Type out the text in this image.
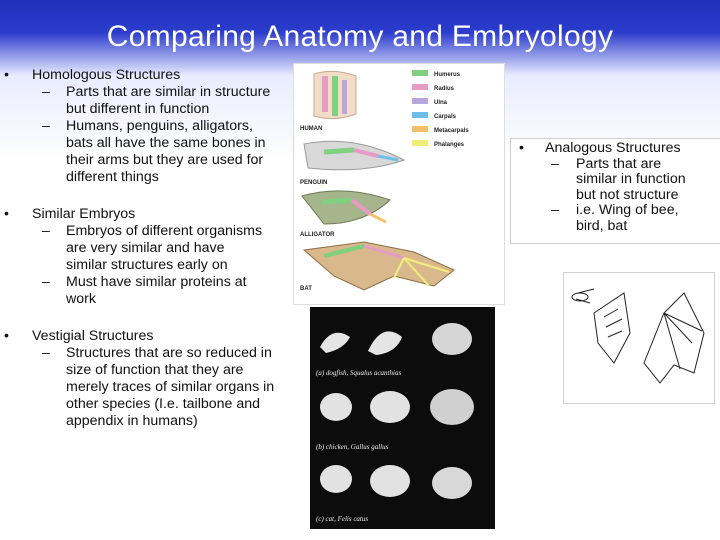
Comparing Anatomy and Embryology
• Homologous Structures
– Parts that are similar in structure but different in function
– Humans, penguins, alligators, bats all have the same bones in their arms but they are used for different things
• Similar Embryos
– Embryos of different organisms are very similar and have similar structures early on
– Must have similar proteins at work
• Vestigial Structures
– Structures that are so reduced in size of function that they are merely traces of similar organs in other species (I.e. tailbone and appendix in humans)
Humerus
Radius
Ulna
Carpals
Metacarpals
Phalanges
HUMAN
PENGUIN
ALLIGATOR
BAT
(a) dogfish, Squalus acanthias
(b) chicken, Gallus gallus
(c) cat, Felis catus
• Analogous Structures
– Parts that are similar in function but not structure
– i.e. Wing of bee, bird, bat
